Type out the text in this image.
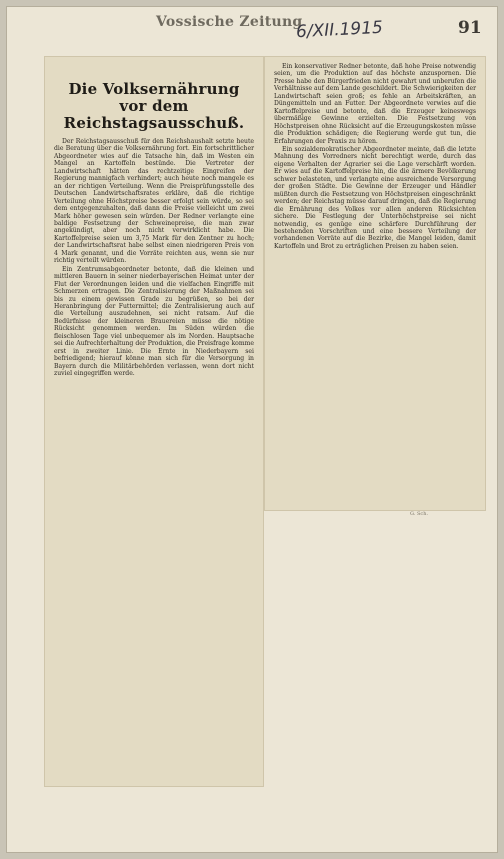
Vossische Zeitung
6/XII.1915	91
Die Volksernährung vor dem Reichstagsausschuß.

Der Reichstagsausschuß für den Reichshaushalt setzte heute die Beratung über die Volksernährung fort. Ein fortschrittlicher Abgeordneter wies auf die Tatsache hin, daß im Westen ein Mangel an Kartoffeln bestünde. Die Vertreter der Landwirtschaft hätten das rechtzeitige Eingreifen der Regierung mannigfach verhindert; auch heute noch mangele es an der richtigen Verteilung. Wenn die Preisprüfungsstelle des Deutschen Landwirtschaftsrates erkläre, daß die richtige Verteilung ohne Höchstpreise besser erfolgt sein würde, so sei dem entgegenzuhalten, daß dann die Preise vielleicht um zwei Mark höher gewesen sein würden. Der Redner verlangte eine baldige Festsetzung der Schweinepreise, die man zwar angekündigt, aber noch nicht verwirklicht habe. Die Kartoffelpreise seien um 3,75 Mark für den Zentner zu hoch; der Landwirtschaftsrat habe selbst einen niedrigeren Preis von 4 Mark genannt, und die Vorräte reichten aus, wenn sie nur richtig verteilt würden.

Ein Zentrumsabgeordneter betonte, daß die kleinen und mittleren Bauern in seiner niederbayerischen Heimat unter der Flut der Verordnungen leiden und die vielfachen Eingriffe mit Schmerzen ertragen. Die Zentralisierung der Maßnahmen sei bis zu einem gewissen Grade zu begrüßen, so bei der Heranbringung der Futtermittel; die Zentralisierung auch auf die Verteilung auszudehnen, sei nicht ratsam. Auf die Bedürfnisse der kleineren Brauereien müsse die nötige Rücksicht genommen werden. Im Süden würden die fleischlosen Tage viel unbequemer als im Norden. Hauptsache sei die Aufrechterhaltung der Produktion, die Preisfrage komme erst in zweiter Linie. Die Ernte in Niederbayern sei befriedigend; hierauf könne man sich für die Versorgung in Bayern durch die Militärbehörden verlassen, wenn dort nicht zuviel eingegriffen werde.

Ein konservativer Redner betonte, daß hohe Preise notwendig seien, um die Produktion auf das höchste anzuspornen. Die Presse habe den Bürgerfrieden nicht gewahrt und unberufen die Verhältnisse auf dem Lande geschildert. Die Schwierigkeiten der Landwirtschaft seien groß; es fehle an Arbeitskräften, an Düngemitteln und an Futter. Der Abgeordnete verwies auf die Kartoffelpreise und betonte, daß die Erzeuger keineswegs übermäßige Gewinne erzielten. Die Festsetzung von Höchstpreisen ohne Rücksicht auf die Erzeugungskosten müsse die Produktion schädigen; die Regierung werde gut tun, die Erfahrungen der Praxis zu hören.

Ein sozialdemokratischer Abgeordneter meinte, daß die letzte Mahnung des Vorredners nicht berechtigt werde, durch das eigene Verhalten der Agrarier sei die Lage verschärft worden. Er wies auf die Kartoffelpreise hin, die die ärmere Bevölkerung schwer belasteten, und verlangte eine ausreichende Versorgung der großen Städte. Die Gewinne der Erzeuger und Händler müßten durch die Festsetzung von Höchstpreisen eingeschränkt werden; der Reichstag müsse darauf dringen, daß die Regierung die Ernährung des Volkes vor allen anderen Rücksichten sichere. Die Festlegung der Unterhöchstpreise sei nicht notwendig, es genüge eine schärfere Durchführung der bestehenden Vorschriften und eine bessere Verteilung der vorhandenen Vorräte auf die Bezirke, die Mangel leiden, damit Kartoffeln und Brot zu erträglichen Preisen zu haben seien.

G. Sch.
